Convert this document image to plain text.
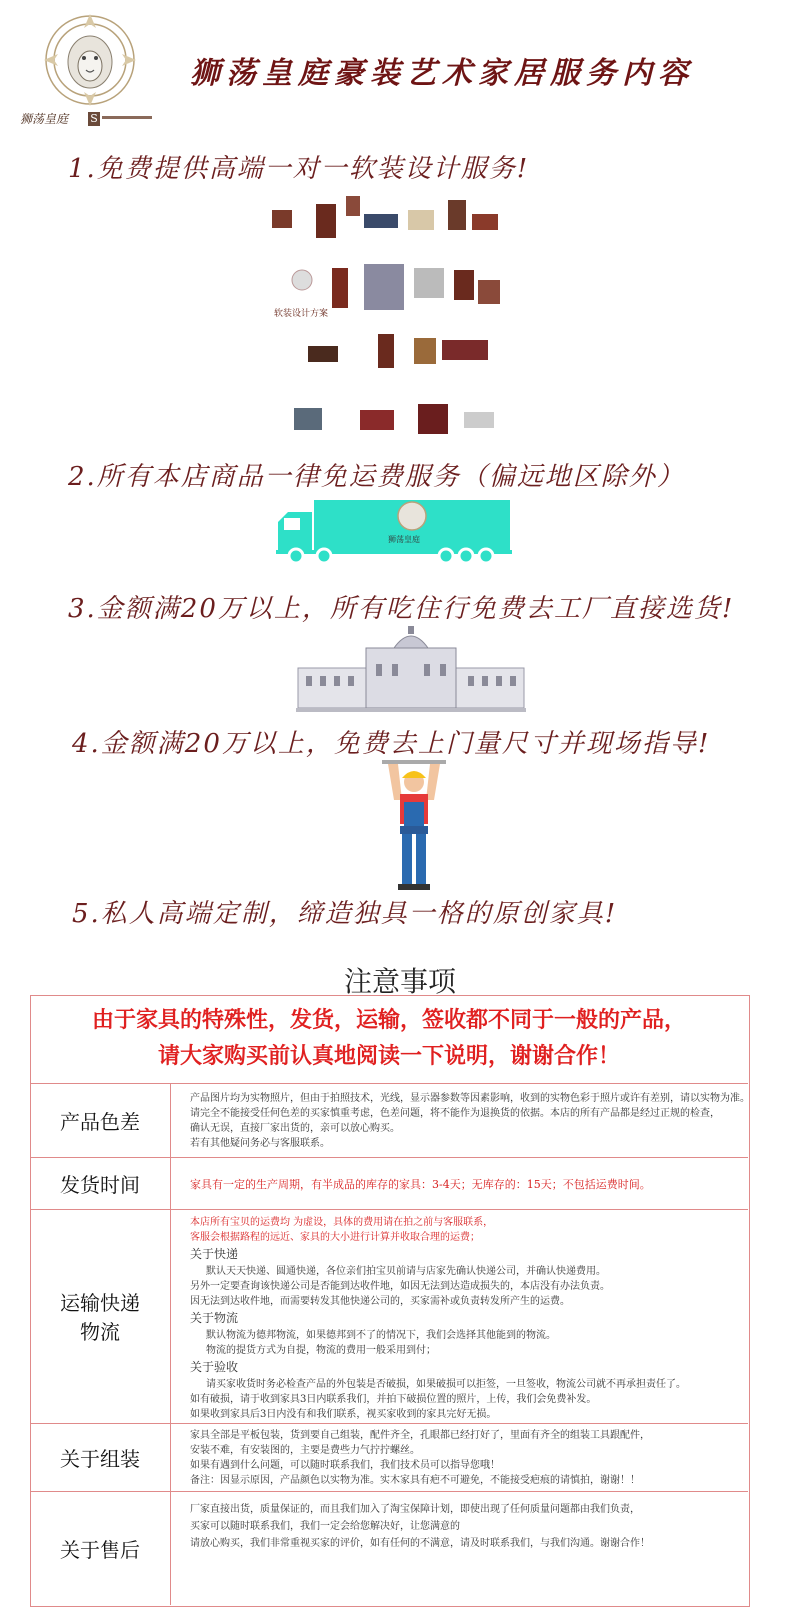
狮荡皇庭 S
狮荡皇庭豪装艺术家居服务内容
1.免费提供高端一对一软装设计服务!
软装设计方案
2.所有本店商品一律免运费服务（偏远地区除外）
狮荡皇庭
3.金额满20万以上，所有吃住行免费去工厂直接选货!
4.金额满20万以上，免费去上门量尺寸并现场指导!
5.私人高端定制，缔造独具一格的原创家具!
注意事项
由于家具的特殊性，发货，运输，签收都不同于一般的产品，
请大家购买前认真地阅读一下说明，谢谢合作！
产品色差

产品图片均为实物照片，但由于拍照技术，光线，显示器参数等因素影响，收到的实物色彩于照片或许有差别，请以实物为准。

请完全不能接受任何色差的买家慎重考虑，色差问题，将不能作为退换货的依据。本店的所有产品都是经过正规的检查，

确认无误，直接厂家出货的，亲可以放心购买。

若有其他疑问务必与客服联系。

发货时间	家具有一定的生产周期，有半成品的库存的家具：3-4天；无库存的：15天；不包括运费时间。
运输快递
物流

本店所有宝贝的运费均 为虚设，具体的费用请在拍之前与客服联系，

客服会根据路程的远近、家具的大小进行计算并收取合理的运费；

关于快递

默认天天快递、圆通快递，各位亲们拍宝贝前请与店家先确认快递公司，并确认快递费用。

另外一定要查询该快递公司是否能到达收件地，如因无法到达造成损失的，本店没有办法负责。

因无法到达收件地，而需要转发其他快递公司的，买家需补或负责转发所产生的运费。

关于物流

默认物流为德邦物流，如果德邦到不了的情况下，我们会选择其他能到的物流。

物流的提货方式为自提，物流的费用一般采用到付；

关于验收

请买家收货时务必检查产品的外包装是否破损，如果破损可以拒签，一旦签收，物流公司就不再承担责任了。

如有破损，请于收到家具3日内联系我们，并拍下破损位置的照片，上传，我们会免费补发。

如果收到家具后3日内没有和我们联系，视买家收到的家具完好无损。

关于组装

家具全部是平板包装，货到要自己组装，配件齐全，孔眼都已经打好了，里面有齐全的组装工具跟配件，

安装不难，有安装图的，主要是费些力气拧拧螺丝。

如果有遇到什么问题，可以随时联系我们，我们技术员可以指导您哦！

备注：因显示原因，产品颜色以实物为准。实木家具有疤不可避免，不能接受疤痕的请慎拍，谢谢！！

关于售后

厂家直接出货，质量保证的，而且我们加入了淘宝保障计划，即使出现了任何质量问题都由我们负责，

买家可以随时联系我们，我们一定会给您解决好，让您满意的

请放心购买，我们非常重视买家的评价，如有任何的不满意，请及时联系我们，与我们沟通。谢谢合作！
